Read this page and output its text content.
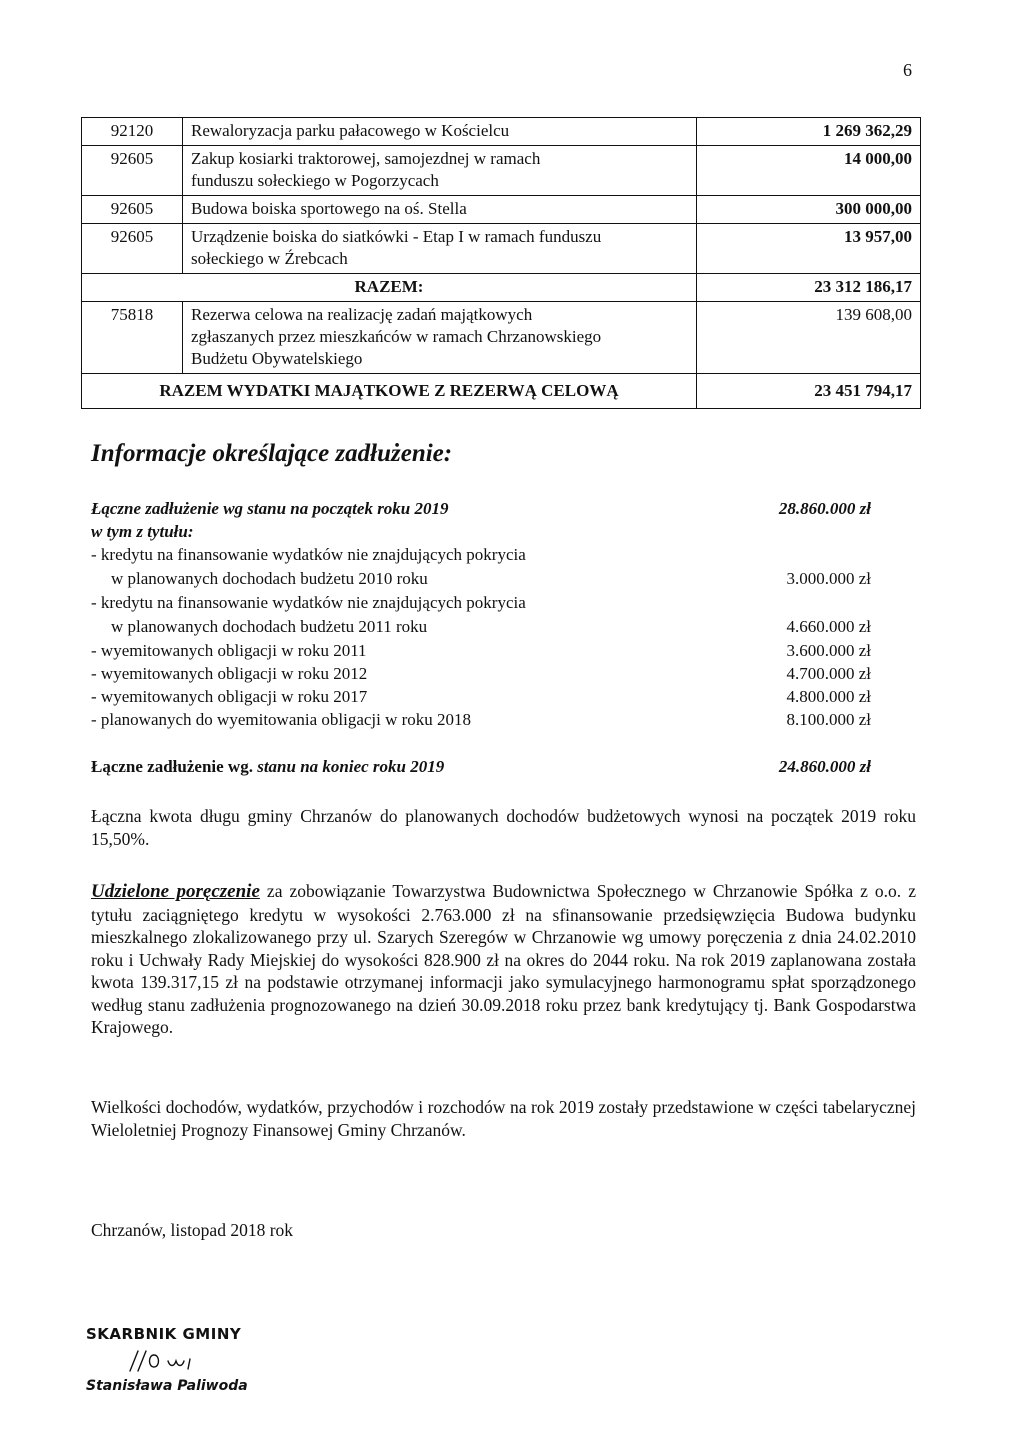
6
92120	Rewaloryzacja parku pałacowego w Kościelcu	1 269 362,29
92605	Zakup kosiarki traktorowej, samojezdnej w ramach
funduszu sołeckiego w Pogorzycach	14 000,00
92605	Budowa boiska sportowego na oś. Stella	300 000,00
92605	Urządzenie boiska do siatkówki - Etap I w ramach funduszu
sołeckiego w Źrebcach	13 957,00
RAZEM:		23 312 186,17
75818	Rezerwa celowa na realizację zadań majątkowych
zgłaszanych przez mieszkańców w ramach Chrzanowskiego
Budżetu Obywatelskiego	139 608,00
RAZEM WYDATKI MAJĄTKOWE Z REZERWĄ CELOWĄ		23 451 794,17
Informacje określające zadłużenie:
Łączne zadłużenie wg stanu na początek roku 2019	28.860.000 zł
w tym z tytułu:
- kredytu na finansowanie wydatków nie znajdujących pokrycia
w planowanych dochodach budżetu 2010 roku	3.000.000 zł
- kredytu na finansowanie wydatków nie znajdujących pokrycia
w planowanych dochodach budżetu 2011 roku	4.660.000 zł
- wyemitowanych obligacji w roku 2011	3.600.000 zł
- wyemitowanych obligacji w roku 2012	4.700.000 zł
- wyemitowanych obligacji w roku 2017	4.800.000 zł
- planowanych do wyemitowania obligacji w roku 2018	8.100.000 zł
Łączne zadłużenie wg. stanu na koniec roku 2019	24.860.000 zł

Łączna kwota długu gminy Chrzanów do planowanych dochodów budżetowych wynosi na początek 2019 roku 15,50%.

Udzielone poręczenie za zobowiązanie Towarzystwa Budownictwa Społecznego w Chrzanowie Spółka z o.o. z tytułu zaciągniętego kredytu w wysokości 2.763.000 zł na sfinansowanie przedsięwzięcia Budowa budynku mieszkalnego zlokalizowanego przy ul. Szarych Szeregów w Chrzanowie wg umowy poręczenia z dnia 24.02.2010 roku i Uchwały Rady Miejskiej do wysokości 828.900 zł na okres do 2044 roku. Na rok 2019 zaplanowana została kwota 139.317,15 zł na podstawie otrzymanej informacji jako symulacyjnego harmonogramu spłat sporządzonego według stanu zadłużenia prognozowanego na dzień 30.09.2018 roku przez bank kredytujący tj. Bank Gospodarstwa Krajowego.

Wielkości dochodów, wydatków, przychodów i rozchodów na rok 2019 zostały przedstawione w części tabelarycznej Wieloletniej Prognozy Finansowej Gminy Chrzanów.

Chrzanów, listopad 2018 rok
SKARBNIK GMINY
Stanisława Paliwoda
